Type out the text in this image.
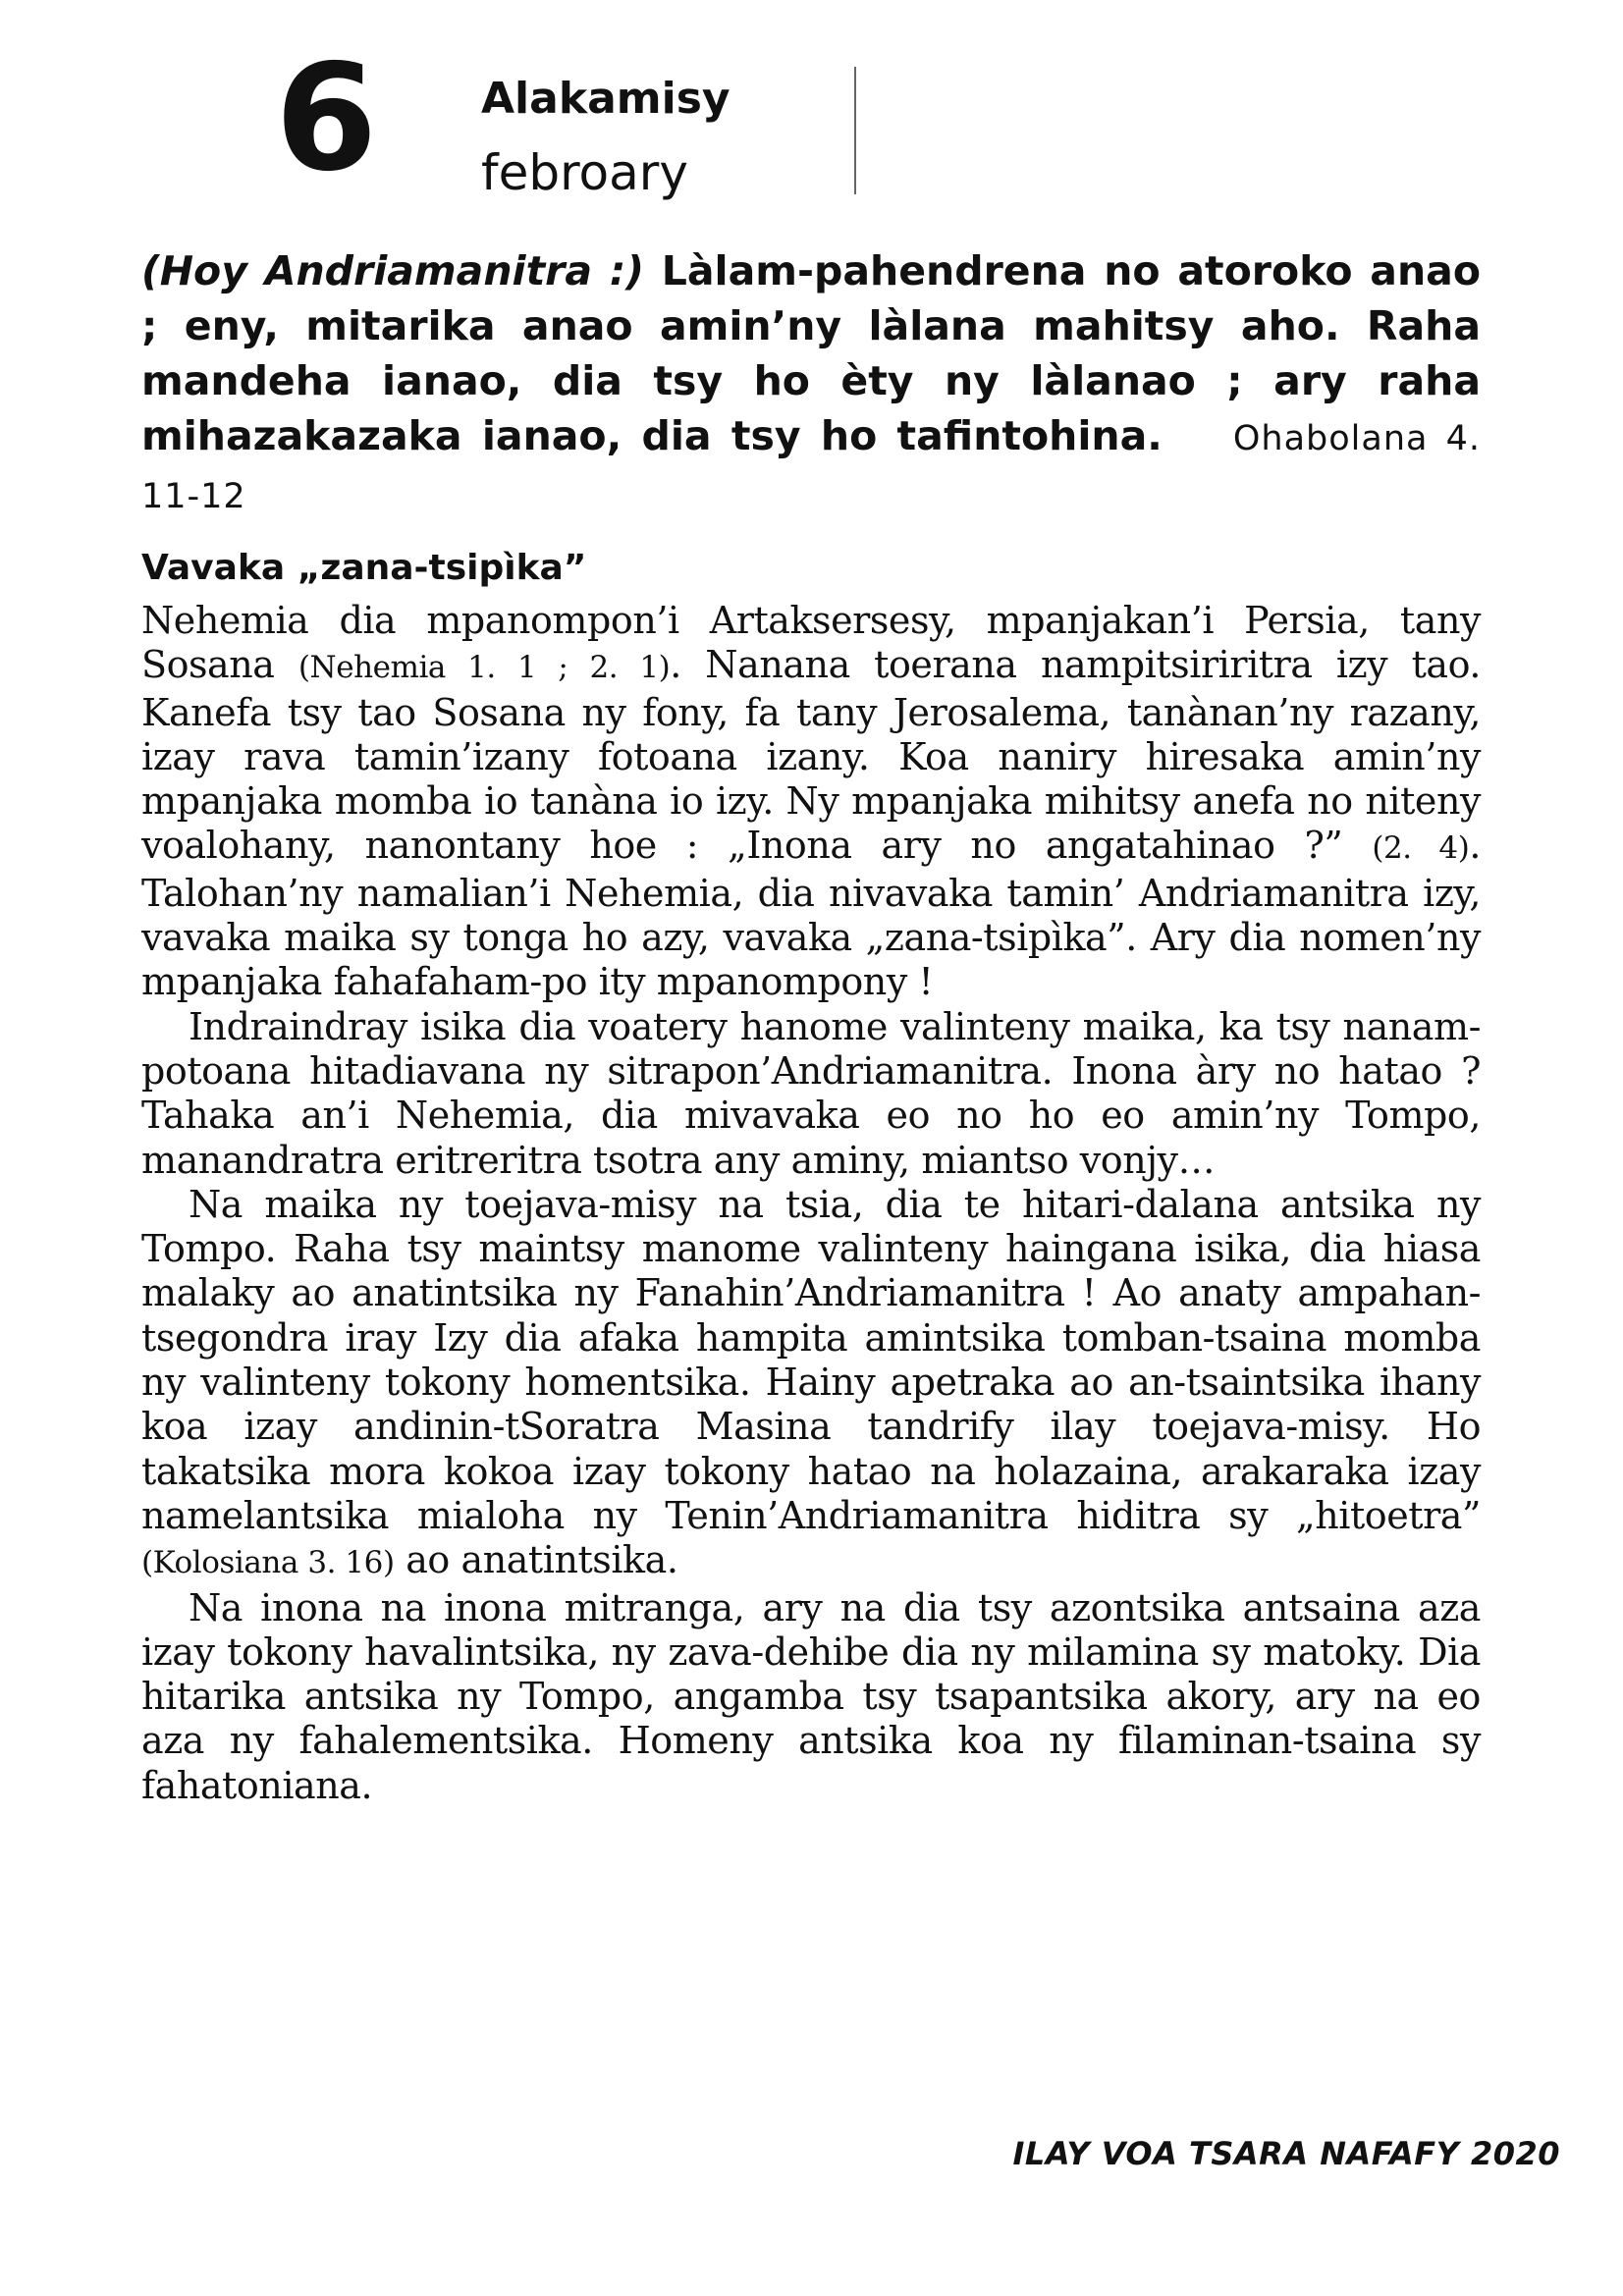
6 Alakamisy
febroary
(Hoy Andriamanitra :) Làlam-pahendrena no atoroko anao ; eny, mitarika anao amin’ny làlana mahitsy aho. Raha mandeha ianao, dia tsy ho èty ny làlanao ; ary raha mihazakazaka ianao, dia tsy ho tafintohina. Ohabolana 4. 11-12
Vavaka „zana-tsipìka”

Nehemia dia mpanompon’i Artaksersesy, mpanjakan’i Persia, tany Sosana (Nehemia 1. 1 ; 2. 1). Nanana toerana nampitsiriritra izy tao. Kanefa tsy tao Sosana ny fony, fa tany Jerosalema, tanànan’ny razany, izay rava tamin’izany fotoana izany. Koa naniry hiresaka amin’ny mpanjaka momba io tanàna io izy. Ny mpanjaka mihitsy anefa no niteny voalohany, nanontany hoe : „Inona ary no angatahinao ?” (2. 4). Talohan’ny namalian’i Nehemia, dia nivavaka tamin’ Andriamanitra izy, vavaka maika sy tonga ho azy, vavaka „zana-tsipìka”. Ary dia nomen’ny mpanjaka fahafaham-po ity mpanompony !

Indraindray isika dia voatery hanome valinteny maika, ka tsy nanam-potoana hitadiavana ny sitrapon’Andriamanitra. Inona àry no hatao ? Tahaka an’i Nehemia, dia mivavaka eo no ho eo amin’ny Tompo, manandratra eritreritra tsotra any aminy, miantso vonjy…

Na maika ny toejava-misy na tsia, dia te hitari-dalana antsika ny Tompo. Raha tsy maintsy manome valinteny haingana isika, dia hiasa malaky ao anatintsika ny Fanahin’Andriamanitra ! Ao anaty ampahan-tsegondra iray Izy dia afaka hampita amintsika tomban-tsaina momba ny valinteny tokony homentsika. Hainy apetraka ao an-tsaintsika ihany koa izay andinin-tSoratra Masina tandrify ilay toejava-misy. Ho takatsika mora kokoa izay tokony hatao na holazaina, arakaraka izay namelantsika mialoha ny Tenin’Andriamanitra hiditra sy „hitoetra” (Kolosiana 3. 16) ao anatintsika.

Na inona na inona mitranga, ary na dia tsy azontsika antsaina aza izay tokony havalintsika, ny zava-dehibe dia ny milamina sy matoky. Dia hitarika antsika ny Tompo, angamba tsy tsapantsika akory, ary na eo aza ny fahalementsika. Homeny antsika koa ny filaminan-tsaina sy fahatoniana.

ILAY VOA TSARA NAFAFY 2020
